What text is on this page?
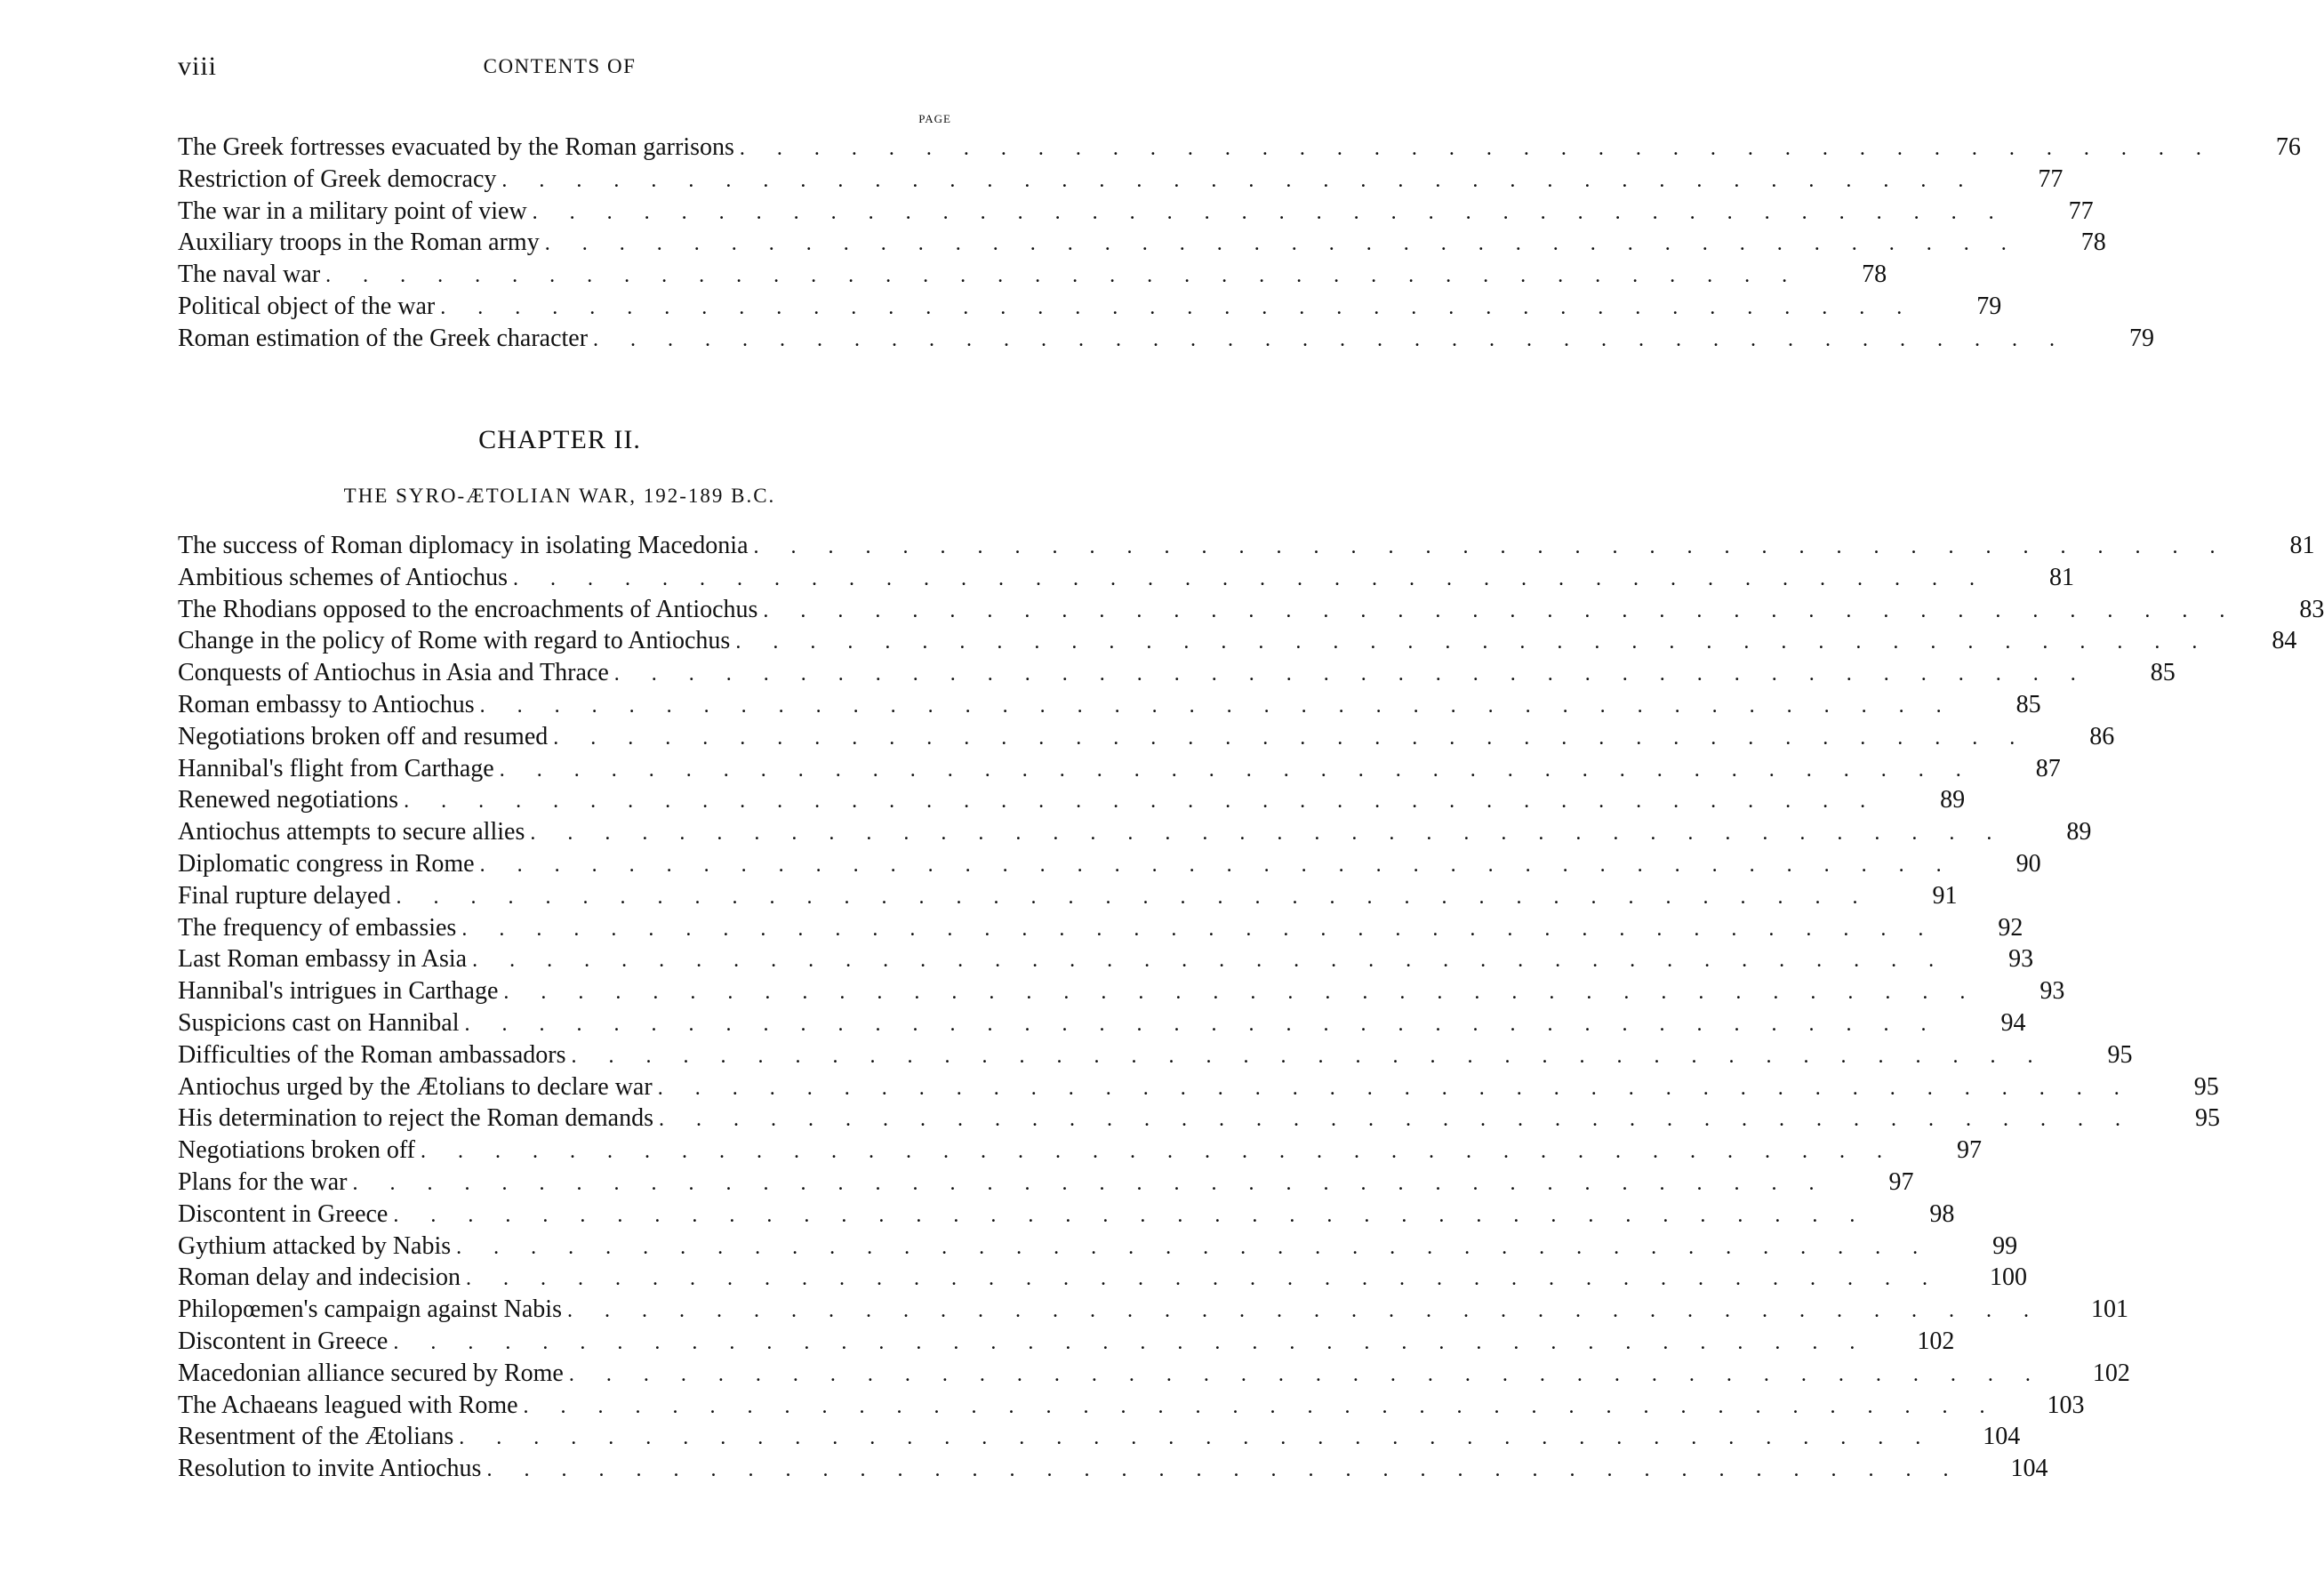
viii	CONTENTS OF
PAGE
The Greek fortresses evacuated by the Roman garrisons ........................................	76
Restriction of Greek democracy ........................................	77
The war in a military point of view ........................................	77
Auxiliary troops in the Roman army ........................................	78
The naval war ........................................	78
Political object of the war ........................................	79
Roman estimation of the Greek character ........................................	79
CHAPTER II.
THE SYRO-ÆTOLIAN WAR, 192-189 B.C.
The success of Roman diplomacy in isolating Macedonia ........................................	81
Ambitious schemes of Antiochus ........................................	81
The Rhodians opposed to the encroachments of Antiochus ........................................	83
Change in the policy of Rome with regard to Antiochus ........................................	84
Conquests of Antiochus in Asia and Thrace ........................................	85
Roman embassy to Antiochus ........................................	85
Negotiations broken off and resumed ........................................	86
Hannibal's flight from Carthage ........................................	87
Renewed negotiations ........................................	89
Antiochus attempts to secure allies ........................................	89
Diplomatic congress in Rome ........................................	90
Final rupture delayed ........................................	91
The frequency of embassies ........................................	92
Last Roman embassy in Asia ........................................	93
Hannibal's intrigues in Carthage ........................................	93
Suspicions cast on Hannibal ........................................	94
Difficulties of the Roman ambassadors ........................................	95
Antiochus urged by the Ætolians to declare war ........................................	95
His determination to reject the Roman demands ........................................	95
Negotiations broken off ........................................	97
Plans for the war ........................................	97
Discontent in Greece ........................................	98
Gythium attacked by Nabis ........................................	99
Roman delay and indecision ........................................	100
Philopœmen's campaign against Nabis ........................................	101
Discontent in Greece ........................................	102
Macedonian alliance secured by Rome ........................................	102
The Achaeans leagued with Rome ........................................	103
Resentment of the Ætolians ........................................	104
Resolution to invite Antiochus ........................................	104
